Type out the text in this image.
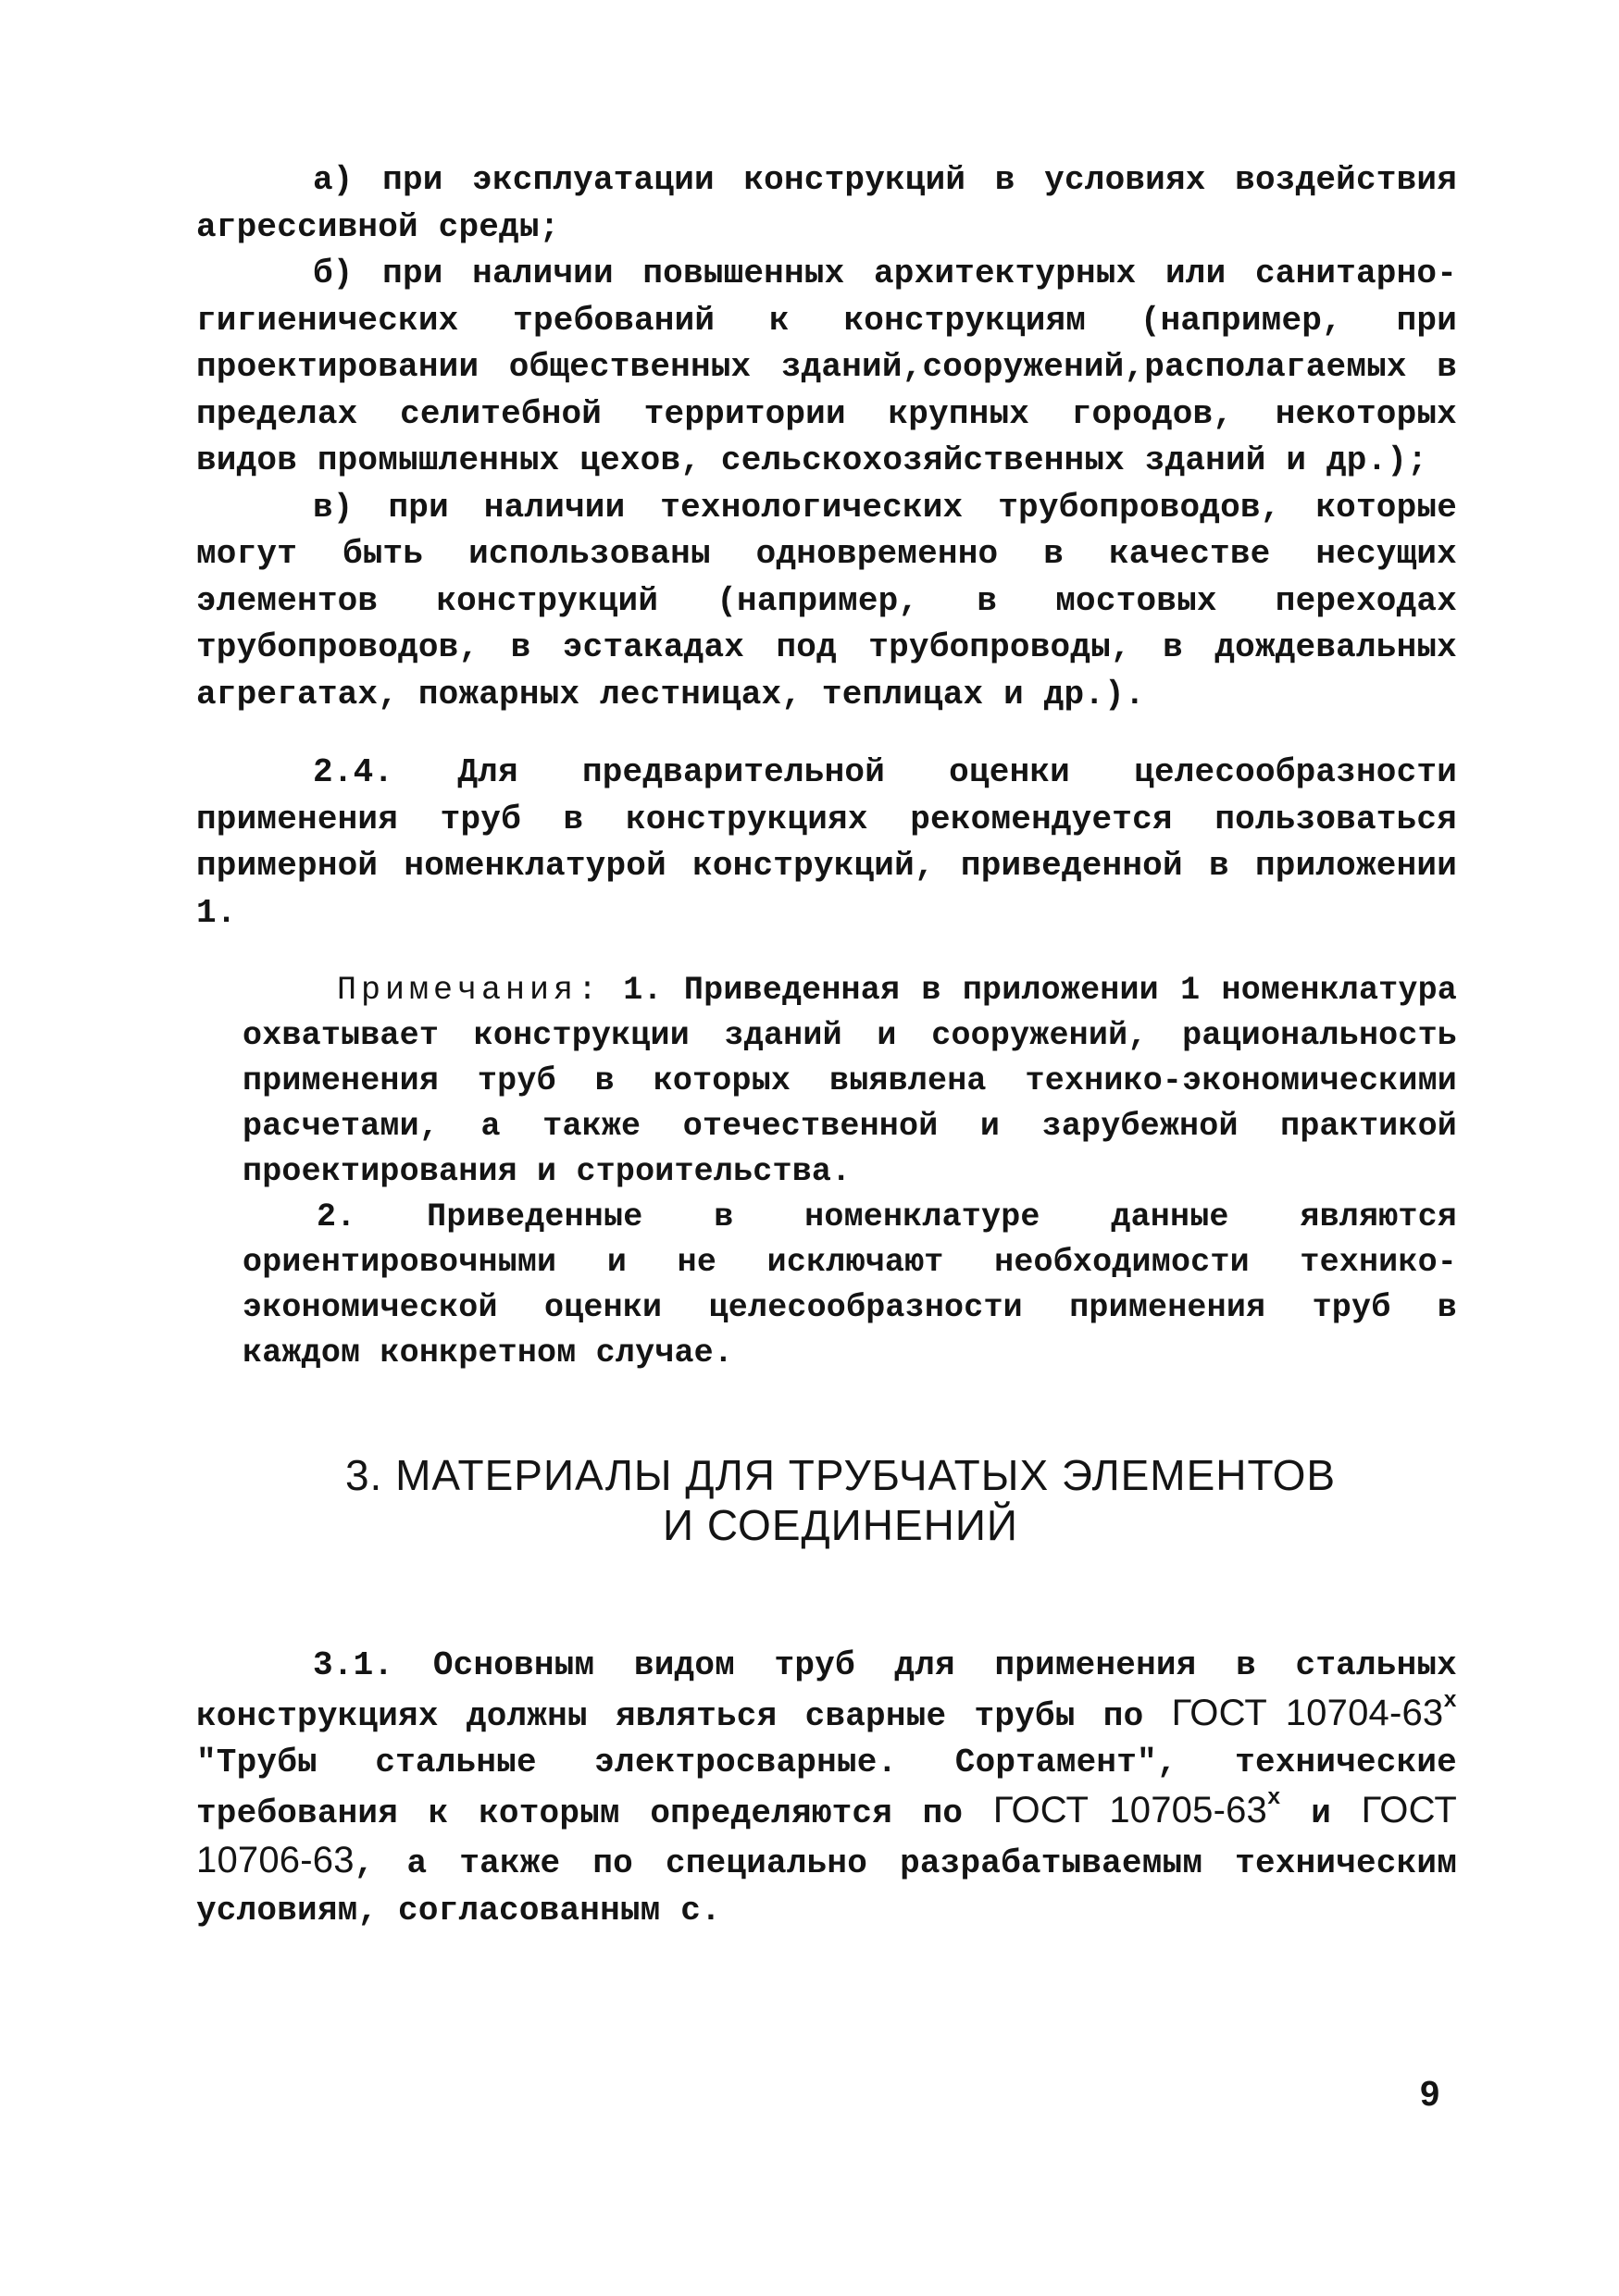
а) при эксплуатации конструкций в условиях воздействия агрессивной среды;

б) при наличии повышенных архитектурных или санитарно-гигиенических требований к конструкциям (например, при проектировании общественных зданий,сооружений,располагаемых в пределах селитебной территории крупных городов, некоторых видов промышленных цехов, сельскохозяйственных зданий и др.);

в) при наличии технологических трубопроводов, которые могут быть использованы одновременно в качестве несущих элементов конструкций (например, в мостовых переходах трубопроводов, в эстакадах под трубопроводы, в дождевальных агрегатах, пожарных лестницах, теплицах и др.).

2.4. Для предварительной оценки целесообразности применения труб в конструкциях рекомендуется пользоваться примерной номенклатурой конструкций, приведенной в приложении 1.

Примечания: 1. Приведенная в приложении 1 номенклатура охватывает конструкции зданий и сооружений, рациональность применения труб в которых выявлена технико-экономическими расчетами, а также отечественной и зарубежной практикой проектирования и строительства.

2. Приведенные в номенклатуре данные являются ориентировочными и не исключают необходимости технико-экономической оценки целесообразности применения труб в каждом конкретном случае.

3. МАТЕРИАЛЫ ДЛЯ ТРУБЧАТЫХ ЭЛЕМЕНТОВ

И СОЕДИНЕНИЙ

3.1. Основным видом труб для применения в стальных конструкциях должны являться сварные трубы по ГОСТ $10704-63^х$ "Трубы стальные электросварные. Сортамент", технические требования к которым определяются по ГОСТ $10705-63^х$ и ГОСТ 10706-63, а также по специально разрабатываемым техническим условиям, согласованным с.

9
